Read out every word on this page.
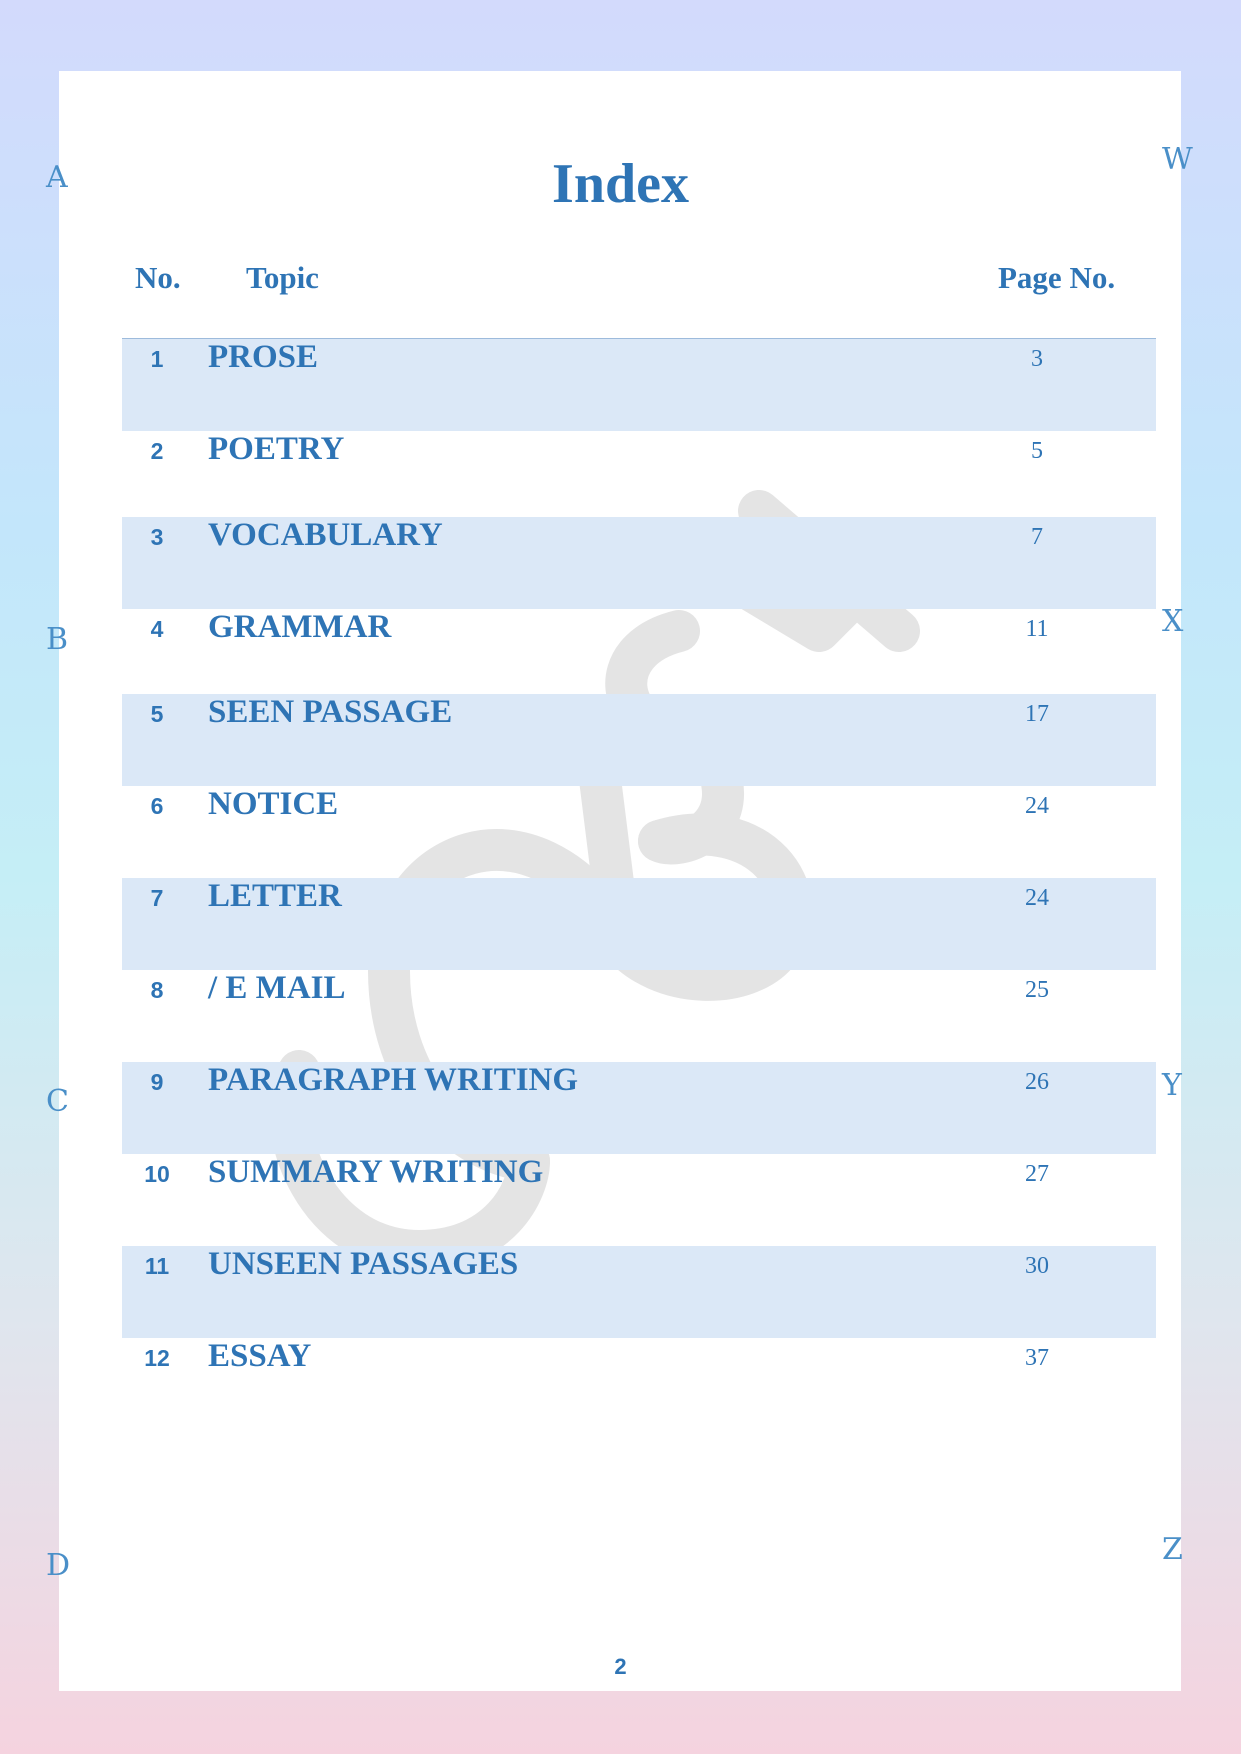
A
B
C
D
W
X
Y
Z
Index
No. Topic	Page No.
1	PROSE	3
2	POETRY	5
3	VOCABULARY	7
4	GRAMMAR	11
5	SEEN PASSAGE	17
6	NOTICE	24
7	LETTER	24
8	/ E MAIL	25
9	PARAGRAPH WRITING	26
10	SUMMARY WRITING	27
11	UNSEEN PASSAGES	30
12	ESSAY	37
2
